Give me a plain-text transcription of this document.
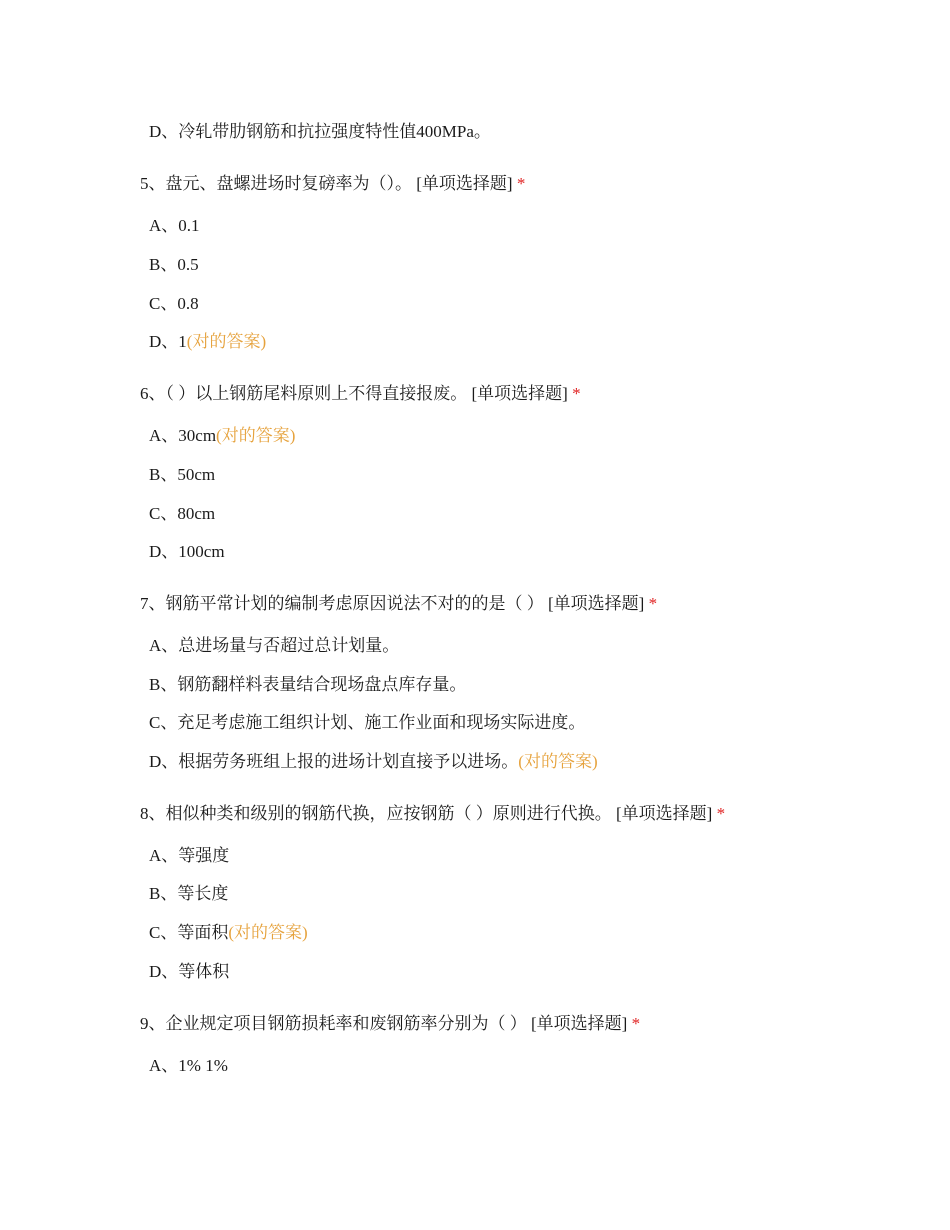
D、冷轧带肋钢筋和抗拉强度特性值400MPa。
5、盘元、盘螺进场时复磅率为（）。 [单项选择题] *
A、0.1
B、0.5
C、0.8
D、1(对的答案)
6、（ ）以上钢筋尾料原则上不得直接报废。 [单项选择题] *
A、30cm(对的答案)
B、50cm
C、80cm
D、100cm
7、钢筋平常计划的编制考虑原因说法不对的的是（ ） [单项选择题] *
A、总进场量与否超过总计划量。
B、钢筋翻样料表量结合现场盘点库存量。
C、充足考虑施工组织计划、施工作业面和现场实际进度。
D、根据劳务班组上报的进场计划直接予以进场。(对的答案)
8、相似种类和级别的钢筋代换，应按钢筋（ ）原则进行代换。 [单项选择题] *
A、等强度
B、等长度
C、等面积(对的答案)
D、等体积
9、企业规定项目钢筋损耗率和废钢筋率分别为（ ） [单项选择题] *
A、1% 1%
